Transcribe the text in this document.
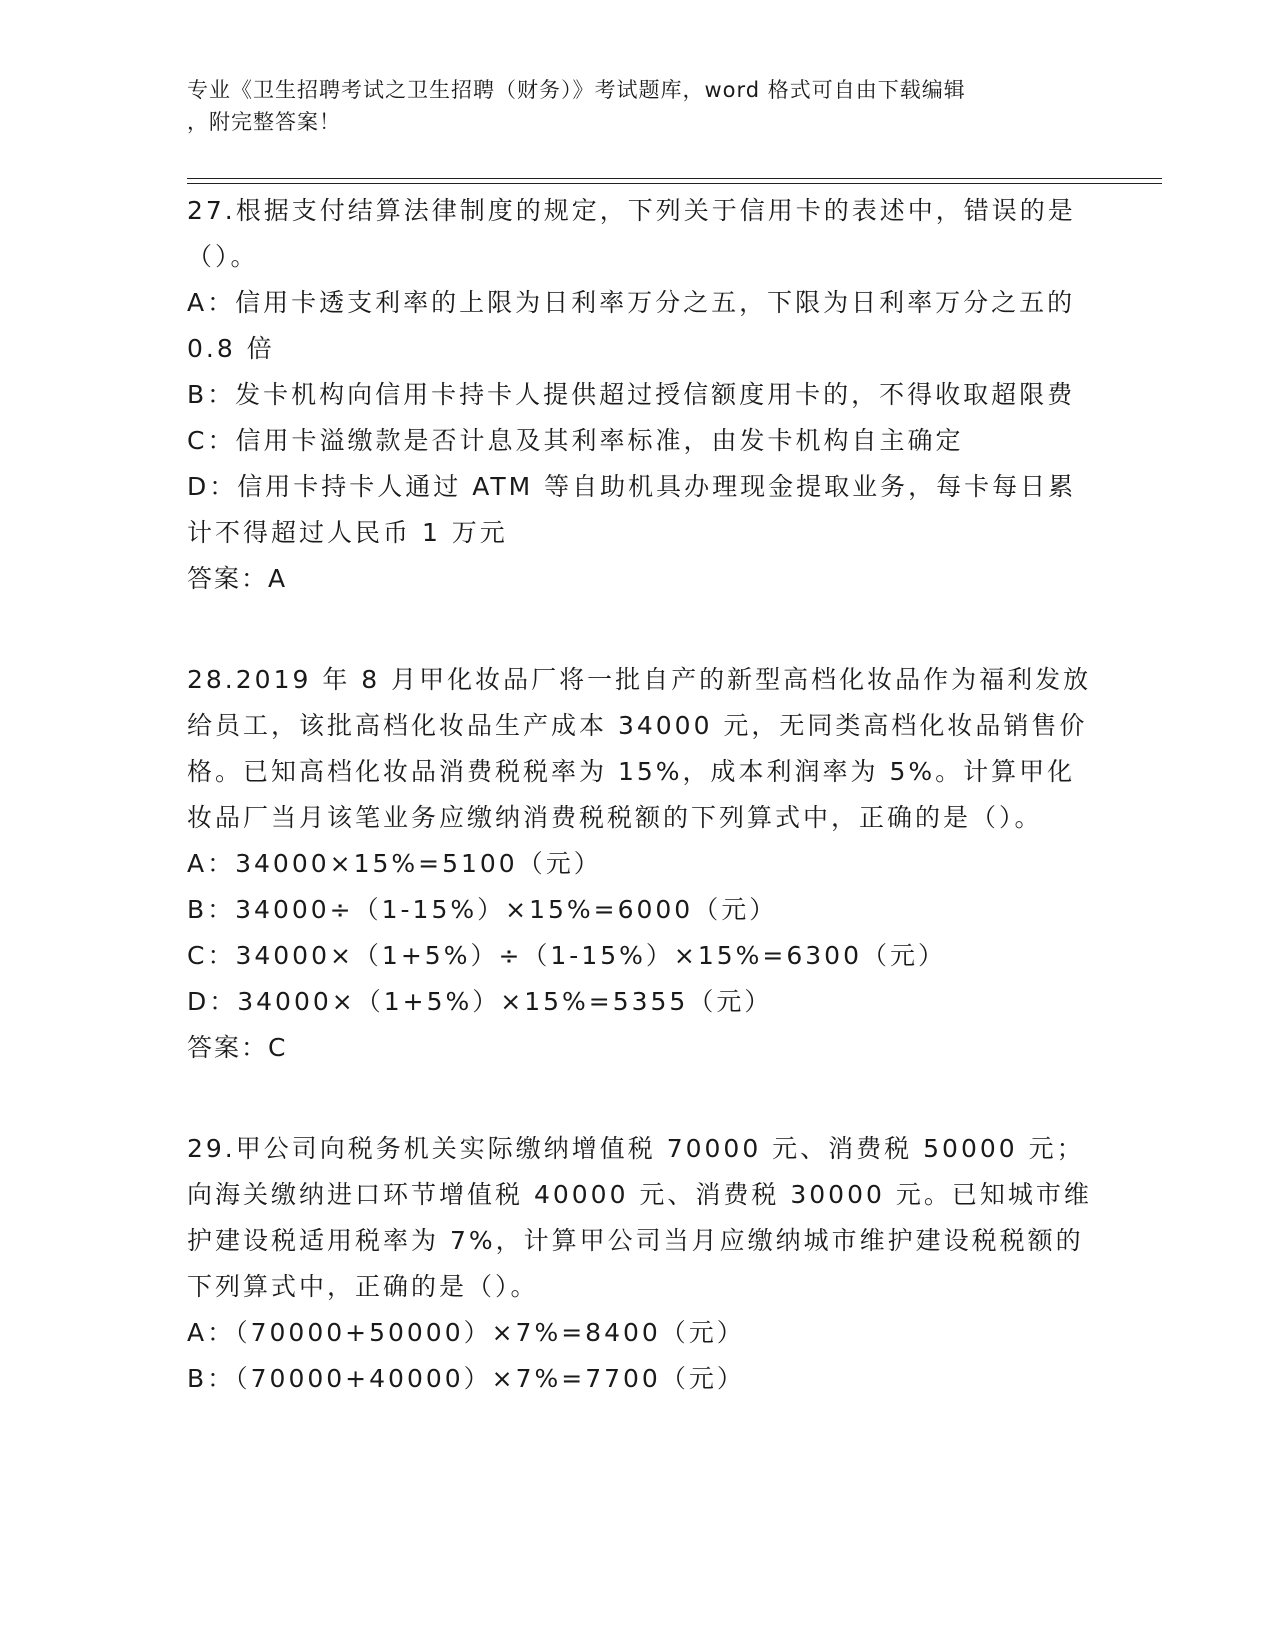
专业《卫生招聘考试之卫生招聘（财务）》考试题库，word 格式可自由下载编辑
，附完整答案！

27.根据支付结算法律制度的规定，下列关于信用卡的表述中，错误的是（）。

A：信用卡透支利率的上限为日利率万分之五，下限为日利率万分之五的 0.8 倍

B：发卡机构向信用卡持卡人提供超过授信额度用卡的，不得收取超限费

C：信用卡溢缴款是否计息及其利率标准，由发卡机构自主确定

D：信用卡持卡人通过 ATM 等自助机具办理现金提取业务，每卡每日累计不得超过人民币 1 万元

答案：A

28.2019 年 8 月甲化妆品厂将一批自产的新型高档化妆品作为福利发放给员工，该批高档化妆品生产成本 34000 元，无同类高档化妆品销售价格。已知高档化妆品消费税税率为 15%，成本利润率为 5%。计算甲化妆品厂当月该笔业务应缴纳消费税税额的下列算式中，正确的是（）。

A：34000×15%=5100（元）

B：34000÷（1-15%）×15%=6000（元）

C：34000×（1+5%）÷（1-15%）×15%=6300（元）

D：34000×（1+5%）×15%=5355（元）

答案：C

29.甲公司向税务机关实际缴纳增值税 70000 元、消费税 50000 元；向海关缴纳进口环节增值税 40000 元、消费税 30000 元。已知城市维护建设税适用税率为 7%，计算甲公司当月应缴纳城市维护建设税税额的下列算式中，正确的是（）。

A：（70000+50000）×7%=8400（元）

B：（70000+40000）×7%=7700（元）
